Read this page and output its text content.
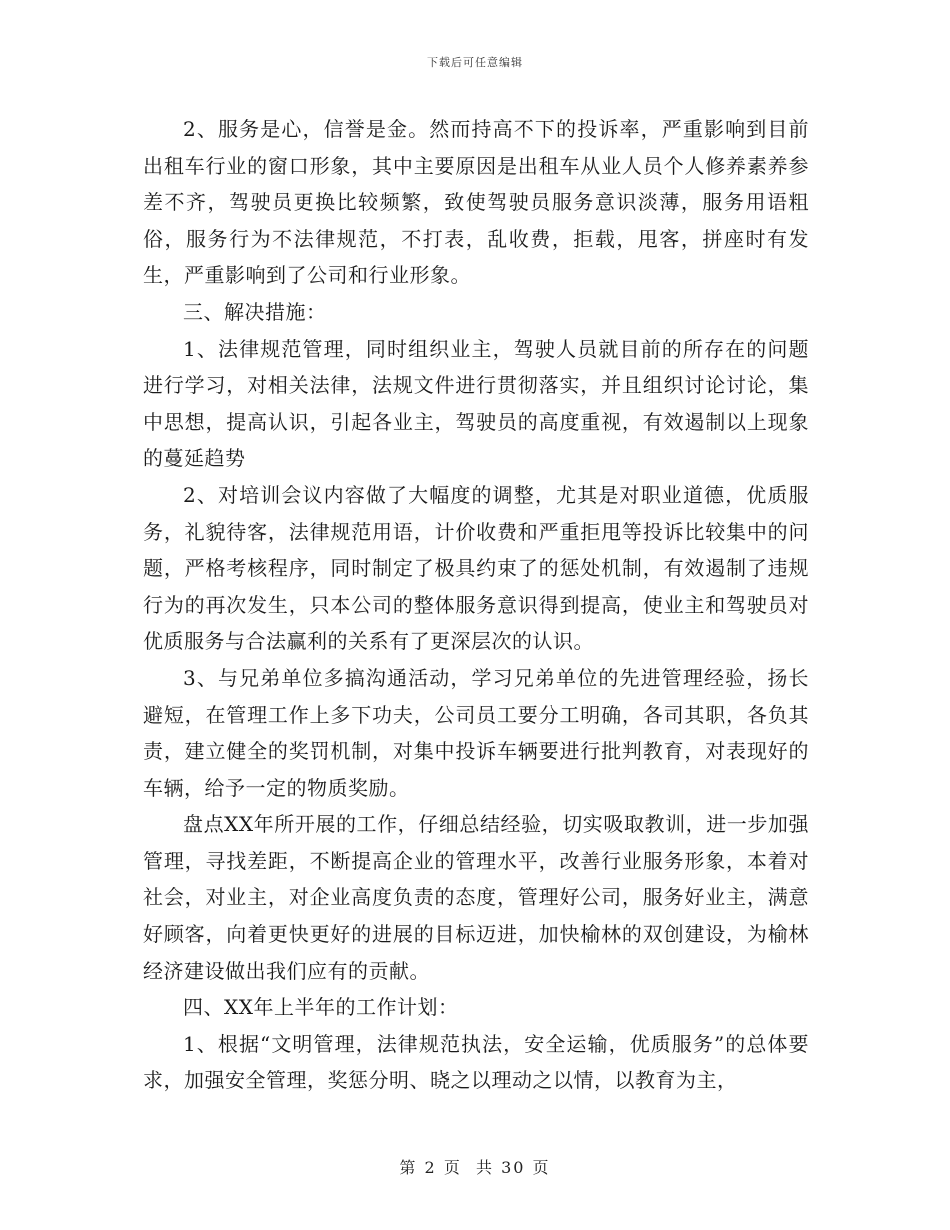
下载后可任意编辑

2、服务是心，信誉是金。然而持高不下的投诉率，严重影响到目前出租车行业的窗口形象，其中主要原因是出租车从业人员个人修养素养参差不齐，驾驶员更换比较频繁，致使驾驶员服务意识淡薄，服务用语粗俗，服务行为不法律规范，不打表，乱收费，拒载，甩客，拼座时有发生，严重影响到了公司和行业形象。

三、解决措施：

1、法律规范管理，同时组织业主，驾驶人员就目前的所存在的问题进行学习，对相关法律，法规文件进行贯彻落实，并且组织讨论讨论，集中思想，提高认识，引起各业主，驾驶员的高度重视，有效遏制以上现象的蔓延趋势

2、对培训会议内容做了大幅度的调整，尤其是对职业道德，优质服务，礼貌待客，法律规范用语，计价收费和严重拒甩等投诉比较集中的问题，严格考核程序，同时制定了极具约束了的惩处机制，有效遏制了违规行为的再次发生，只本公司的整体服务意识得到提高，使业主和驾驶员对优质服务与合法赢利的关系有了更深层次的认识。

3、与兄弟单位多搞沟通活动，学习兄弟单位的先进管理经验，扬长避短，在管理工作上多下功夫，公司员工要分工明确，各司其职，各负其责，建立健全的奖罚机制，对集中投诉车辆要进行批判教育，对表现好的车辆，给予一定的物质奖励。

盘点XX年所开展的工作，仔细总结经验，切实吸取教训，进一步加强管理，寻找差距，不断提高企业的管理水平，改善行业服务形象，本着对社会，对业主，对企业高度负责的态度，管理好公司，服务好业主，满意好顾客，向着更快更好的进展的目标迈进，加快榆林的双创建设，为榆林经济建设做出我们应有的贡献。

四、XX年上半年的工作计划：

1、根据“文明管理，法律规范执法，安全运输，优质服务”的总体要求，加强安全管理，奖惩分明、晓之以理动之以情，以教育为主，

第 2 页  共 30 页
